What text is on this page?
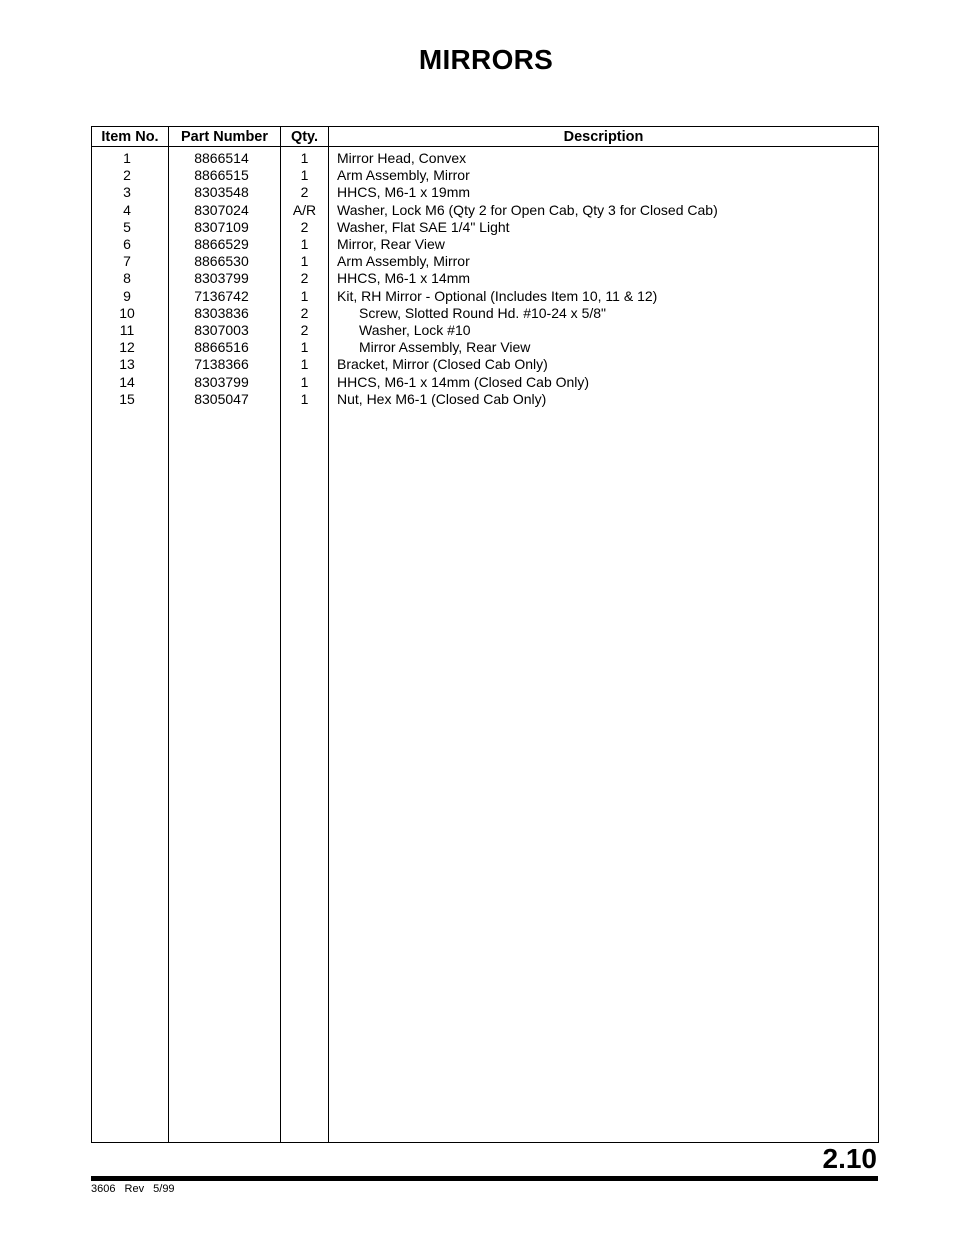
MIRRORS
Item No.	Part Number	Qty.	Description
1	8866514	1	Mirror Head, Convex
2	8866515	1	Arm Assembly, Mirror
3	8303548	2	HHCS, M6-1 x 19mm
4	8307024	A/R	Washer, Lock M6 (Qty 2 for Open Cab, Qty 3 for Closed Cab)
5	8307109	2	Washer, Flat SAE 1/4" Light
6	8866529	1	Mirror, Rear View
7	8866530	1	Arm Assembly, Mirror
8	8303799	2	HHCS, M6-1 x 14mm
9	7136742	1	Kit, RH Mirror - Optional (Includes Item 10, 11 & 12)
10	8303836	2	Screw, Slotted Round Hd. #10-24 x 5/8"
11	8307003	2	Washer, Lock #10
12	8866516	1	Mirror Assembly, Rear View
13	7138366	1	Bracket, Mirror (Closed Cab Only)
14	8303799	1	HHCS, M6-1 x 14mm (Closed Cab Only)
15	8305047	1	Nut, Hex M6-1 (Closed Cab Only)

2.10
3606 Rev 5/99
